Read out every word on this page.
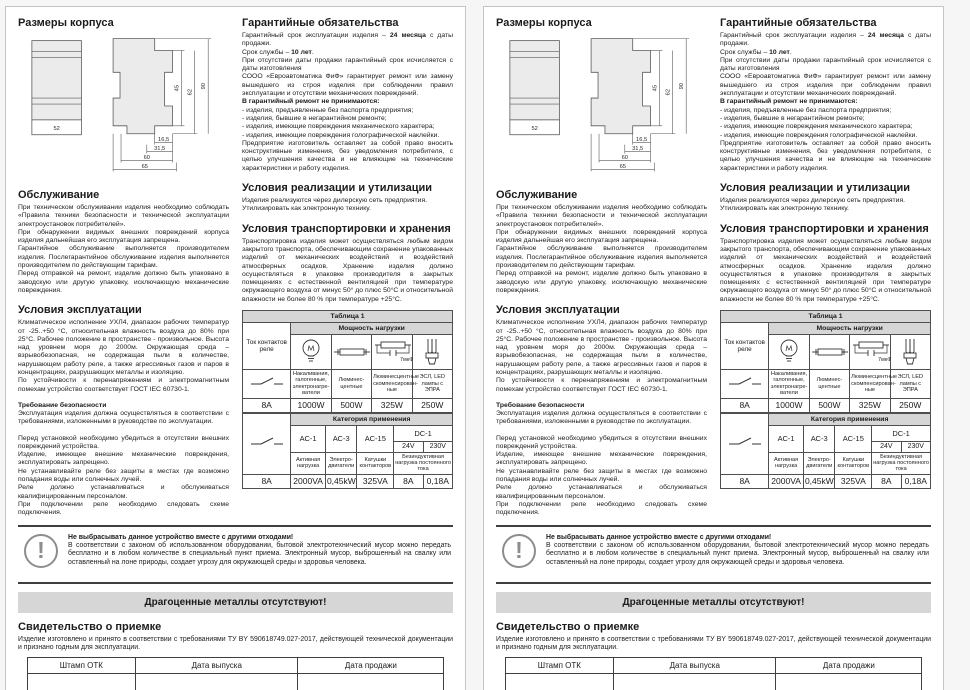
Размеры корпуса
52
45
62
90
16,5
31,5
60
65
Обслуживание

При техническом обслуживании изделия необходимо соблюдать «Правила техники безопасности и технической эксплуатации электроустановок потребителей».

При обнаружении видимых внешних повреждений корпуса изделия дальнейшая его эксплуатация запрещена.

Гарантийное обслуживание выполняется производителем изделия. Послегарантийное обслуживание изделия выполняется производителем по действующим тарифам.

Перед отправкой на ремонт, изделие должно быть упаковано в заводскую или другую упаковку, исключающую механические повреждения.

Условия эксплуатации

Климатическое исполнение УХЛ4, диапазон рабочих температур от -25..+50 °С, относительная влажность воздуха до 80% при 25°С. Рабочее положение в пространстве - произвольное. Высота над уровнем моря до 2000м. Окружающая среда – взрывобезопасная, не содержащая пыли в количестве, нарушающем работу реле, а также агрессивных газов и паров в концентрациях, разрушающих металлы и изоляцию.

По устойчивости к перенапряжениям и электромагнитным помехам устройство соответствует ГОСТ IEC 60730-1.

Требование безопасности

Эксплуатация изделия должна осуществляться в соответствии с требованиями, изложенными в руководстве по эксплуатации.

Перед установкой необходимо убедиться в отсутствии внешних повреждений устройства.

Изделие, имеющее внешние механические повреждения, эксплуатировать запрещено.

Не устанавливайте реле без защиты в местах где возможно попадания воды или солнечных лучей.

Реле должно устанавливаться и обслуживаться квалифицированным персоналом.

При подключении реле необходимо следовать схеме подключения.

Гарантийные обязательства

Гарантийный срок эксплуатации изделия – 24 месяца с даты продажи.

Срок службы – 10 лет.

При отсутствии даты продажи гарантийный срок исчисляется с даты изготовления

СООО «Евроавтоматика ФиФ» гарантирует ремонт или замену вышедшего из строя изделия при соблюдении правил эксплуатации и отсутствии механических повреждений.

В гарантийный ремонт не принимаются:

- изделия, предъявленные без паспорта предприятия;

- изделия, бывшие в негарантийном ремонте;

- изделия, имеющие повреждения механического характера;

- изделия, имеющие повреждения голографической наклейки.

Предприятие изготовитель оставляет за собой право вносить конструктивные изменения, без уведомления потребителя, с целью улучшения качества и не влияющие на технические характеристики и работу изделия.

Условия реализации и утилизации

Изделия реализуются через дилерскую сеть предприятия.

Утилизировать как электронную технику.

Условия транспортировки и хранения

Транспортировка изделия может осуществляться любым видом закрытого транспорта, обеспечивающим сохранение упакованных изделий от механических воздействий и воздействий атмосферных осадков. Хранение изделия должно осуществляться в упаковке производителя в закрытых помещениях с естественной вентиляцией при температуре окружающего воздуха от минус 50° до плюс 50°С и относительной влажности не более 80 % при температуре +25°С.

Таблица 1				
Ток контактов реле	Мощность нагрузки			

7мкФ

	Накаливания, галогенные, электронагре- ватели	Люминес- центные	Люминесцентные скомпенсирован- ные	ЭСЛ, LED лампы с ЭПРА
8А	1000W	500W	325W	250W
	Категория применения				
	АС-1	АС-3	АС-15	DC-1	
				24V	230V
	Активная нагрузка	Электро- двигатели	Катушки контакторов	Безиндуктивная нагрузка постоянного тока	
8А	2000VA	0,45kW	325VA	8А	0,18А
!	Не выбрасывать данное устройство вместе с другими отходами!
В соответствии с законом об использованном оборудовании, бытовой электротехнический мусор можно передать бесплатно и в любом количестве в специальный пункт приема. Электронный мусор, выброшенный на свалку или оставленный на лоне природы, создает угрозу для окружающей среды и здоровья человека.
Драгоценные металлы отсутствуют!
Свидетельство о приемке

Изделие изготовлено и принято в соответствии с требованиями ТУ BY 590618749.027-2017, действующей технической документации и признано годным для эксплуатации.

Штамп ОТК	Дата выпуска	Дата продажи

Размеры корпуса
52
45
62
90
16,5
31,5
60
65
Обслуживание

При техническом обслуживании изделия необходимо соблюдать «Правила техники безопасности и технической эксплуатации электроустановок потребителей».

При обнаружении видимых внешних повреждений корпуса изделия дальнейшая его эксплуатация запрещена.

Гарантийное обслуживание выполняется производителем изделия. Послегарантийное обслуживание изделия выполняется производителем по действующим тарифам.

Перед отправкой на ремонт, изделие должно быть упаковано в заводскую или другую упаковку, исключающую механические повреждения.

Условия эксплуатации

Климатическое исполнение УХЛ4, диапазон рабочих температур от -25..+50 °С, относительная влажность воздуха до 80% при 25°С. Рабочее положение в пространстве - произвольное. Высота над уровнем моря до 2000м. Окружающая среда – взрывобезопасная, не содержащая пыли в количестве, нарушающем работу реле, а также агрессивных газов и паров в концентрациях, разрушающих металлы и изоляцию.

По устойчивости к перенапряжениям и электромагнитным помехам устройство соответствует ГОСТ IEC 60730-1.

Требование безопасности

Эксплуатация изделия должна осуществляться в соответствии с требованиями, изложенными в руководстве по эксплуатации.

Перед установкой необходимо убедиться в отсутствии внешних повреждений устройства.

Изделие, имеющее внешние механические повреждения, эксплуатировать запрещено.

Не устанавливайте реле без защиты в местах где возможно попадания воды или солнечных лучей.

Реле должно устанавливаться и обслуживаться квалифицированным персоналом.

При подключении реле необходимо следовать схеме подключения.

Гарантийные обязательства

Гарантийный срок эксплуатации изделия – 24 месяца с даты продажи.

Срок службы – 10 лет.

При отсутствии даты продажи гарантийный срок исчисляется с даты изготовления

СООО «Евроавтоматика ФиФ» гарантирует ремонт или замену вышедшего из строя изделия при соблюдении правил эксплуатации и отсутствии механических повреждений.

В гарантийный ремонт не принимаются:

- изделия, предъявленные без паспорта предприятия;

- изделия, бывшие в негарантийном ремонте;

- изделия, имеющие повреждения механического характера;

- изделия, имеющие повреждения голографической наклейки.

Предприятие изготовитель оставляет за собой право вносить конструктивные изменения, без уведомления потребителя, с целью улучшения качества и не влияющие на технические характеристики и работу изделия.

Условия реализации и утилизации

Изделия реализуются через дилерскую сеть предприятия.

Утилизировать как электронную технику.

Условия транспортировки и хранения

Транспортировка изделия может осуществляться любым видом закрытого транспорта, обеспечивающим сохранение упакованных изделий от механических воздействий и воздействий атмосферных осадков. Хранение изделия должно осуществляться в упаковке производителя в закрытых помещениях с естественной вентиляцией при температуре окружающего воздуха от минус 50° до плюс 50°С и относительной влажности не более 80 % при температуре +25°С.

Таблица 1				
Ток контактов реле	Мощность нагрузки			

7мкФ

	Накаливания, галогенные, электронагре- ватели	Люминес- центные	Люминесцентные скомпенсирован- ные	ЭСЛ, LED лампы с ЭПРА
8А	1000W	500W	325W	250W
	Категория применения				
	АС-1	АС-3	АС-15	DC-1	
				24V	230V
	Активная нагрузка	Электро- двигатели	Катушки контакторов	Безиндуктивная нагрузка постоянного тока	
8А	2000VA	0,45kW	325VA	8А	0,18А
!	Не выбрасывать данное устройство вместе с другими отходами!
В соответствии с законом об использованном оборудовании, бытовой электротехнический мусор можно передать бесплатно и в любом количестве в специальный пункт приема. Электронный мусор, выброшенный на свалку или оставленный на лоне природы, создает угрозу для окружающей среды и здоровья человека.
Драгоценные металлы отсутствуют!
Свидетельство о приемке

Изделие изготовлено и принято в соответствии с требованиями ТУ BY 590618749.027-2017, действующей технической документации и признано годным для эксплуатации.

Штамп ОТК	Дата выпуска	Дата продажи
